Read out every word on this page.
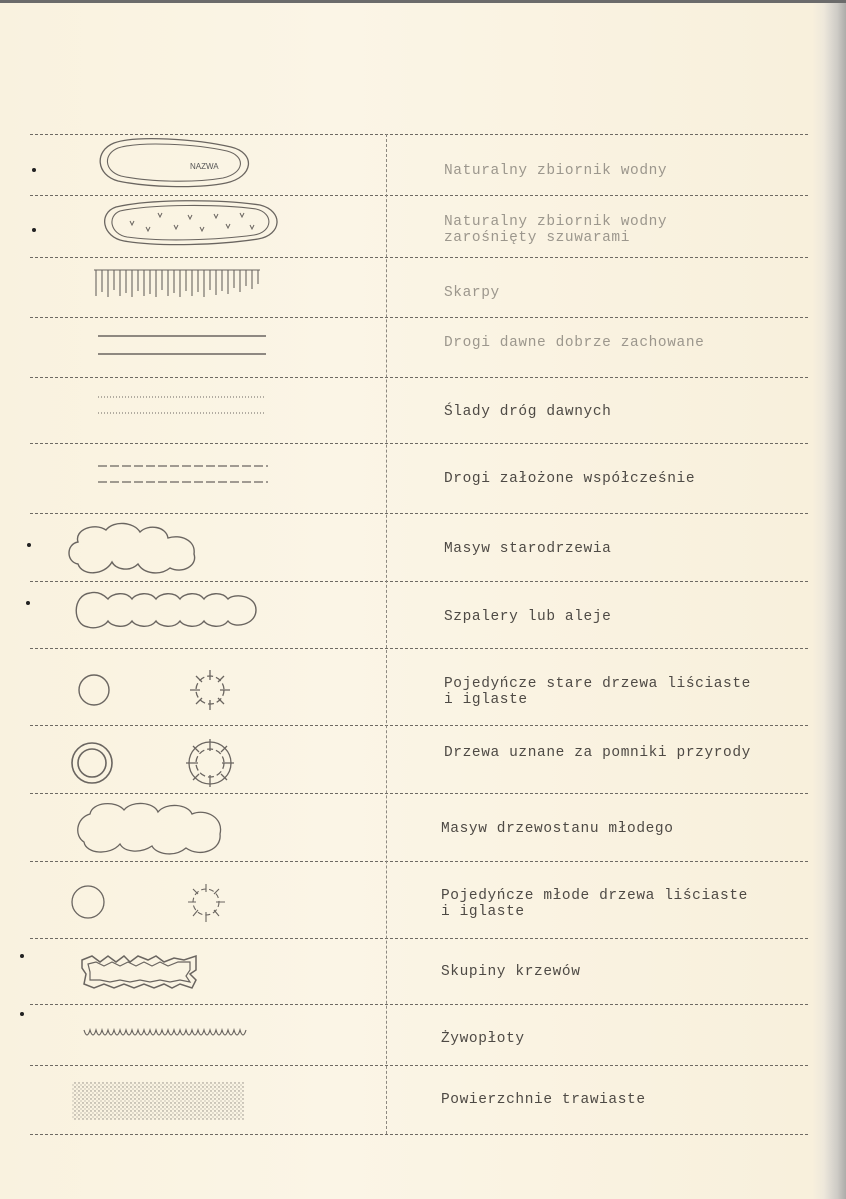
Naturalny zbiornik wodny
Naturalny zbiornik wodny
zarośnięty szuwarami
Skarpy
Drogi dawne dobrze zachowane
Ślady dróg dawnych
Drogi założone współcześnie
Masyw starodrzewia
Szpalery lub aleje
Pojedyńcze stare drzewa liściaste
i iglaste
Drzewa uznane za pomniki przyrody
Masyw drzewostanu młodego
Pojedyńcze młode drzewa liściaste
i iglaste
Skupiny krzewów
Żywopłoty
Powierzchnie trawiaste
NAZWA
